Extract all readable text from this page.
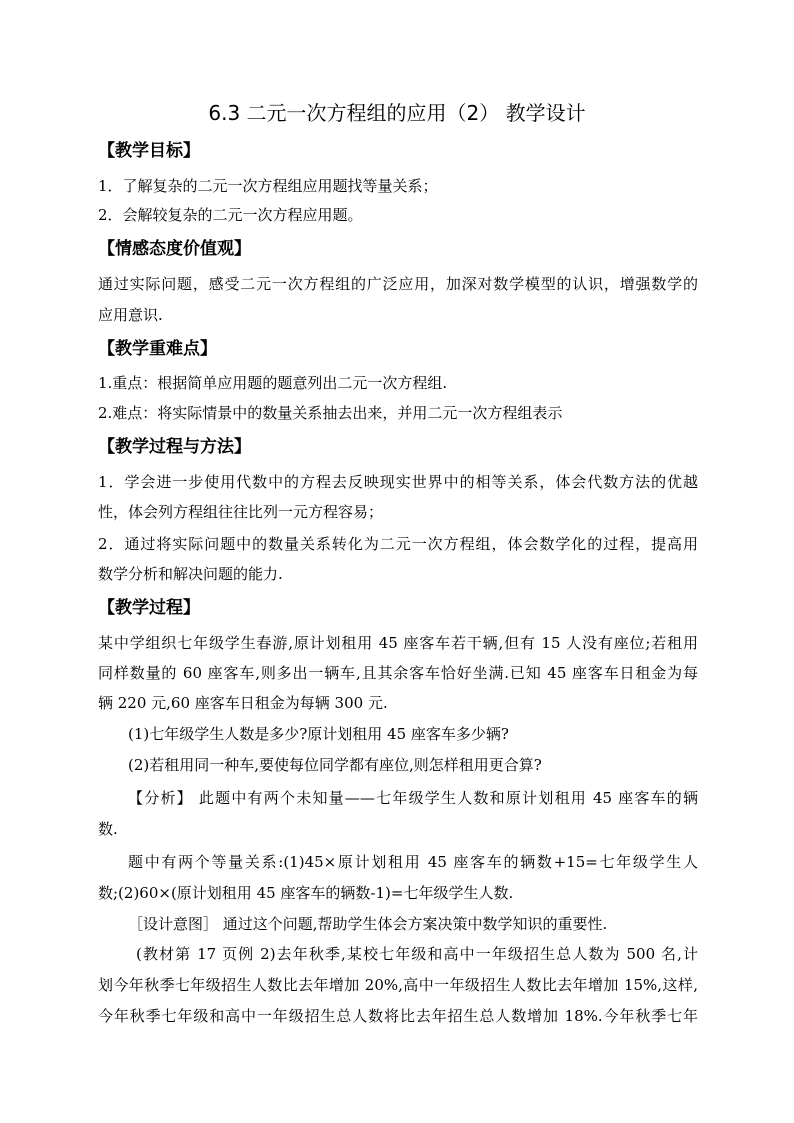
6.3 二元一次方程组的应用（2） 教学设计
【教学目标】
1．了解复杂的二元一次方程组应用题找等量关系；
2．会解较复杂的二元一次方程应用题。
【情感态度价值观】
通过实际问题，感受二元一次方程组的广泛应用，加深对数学模型的认识，增强数学的
应用意识.
【教学重难点】
1.重点：根据简单应用题的题意列出二元一次方程组.
2.难点：将实际情景中的数量关系抽去出来，并用二元一次方程组表示
【教学过程与方法】
1．学会进一步使用代数中的方程去反映现实世界中的相等关系，体会代数方法的优越
性，体会列方程组往往比列一元方程容易；
2．通过将实际问题中的数量关系转化为二元一次方程组，体会数学化的过程，提高用
数学分析和解决问题的能力.
【教学过程】
某中学组织七年级学生春游,原计划租用 45 座客车若干辆,但有 15 人没有座位;若租用
同样数量的 60 座客车,则多出一辆车,且其余客车恰好坐满.已知 45 座客车日租金为每
辆 220 元,60 座客车日租金为每辆 300 元.
(1)七年级学生人数是多少?原计划租用 45 座客车多少辆?
(2)若租用同一种车,要使每位同学都有座位,则怎样租用更合算?
【分析】 此题中有两个未知量——七年级学生人数和原计划租用 45 座客车的辆
数.
题中有两个等量关系:(1)45×原计划租用 45 座客车的辆数+15=七年级学生人
数;(2)60×(原计划租用 45 座客车的辆数-1)=七年级学生人数.
［设计意图］ 通过这个问题,帮助学生体会方案决策中数学知识的重要性.
(教材第 17 页例 2)去年秋季,某校七年级和高中一年级招生总人数为 500 名,计
划今年秋季七年级招生人数比去年增加 20%,高中一年级招生人数比去年增加 15%,这样,
今年秋季七年级和高中一年级招生总人数将比去年招生总人数增加 18%.今年秋季七年
